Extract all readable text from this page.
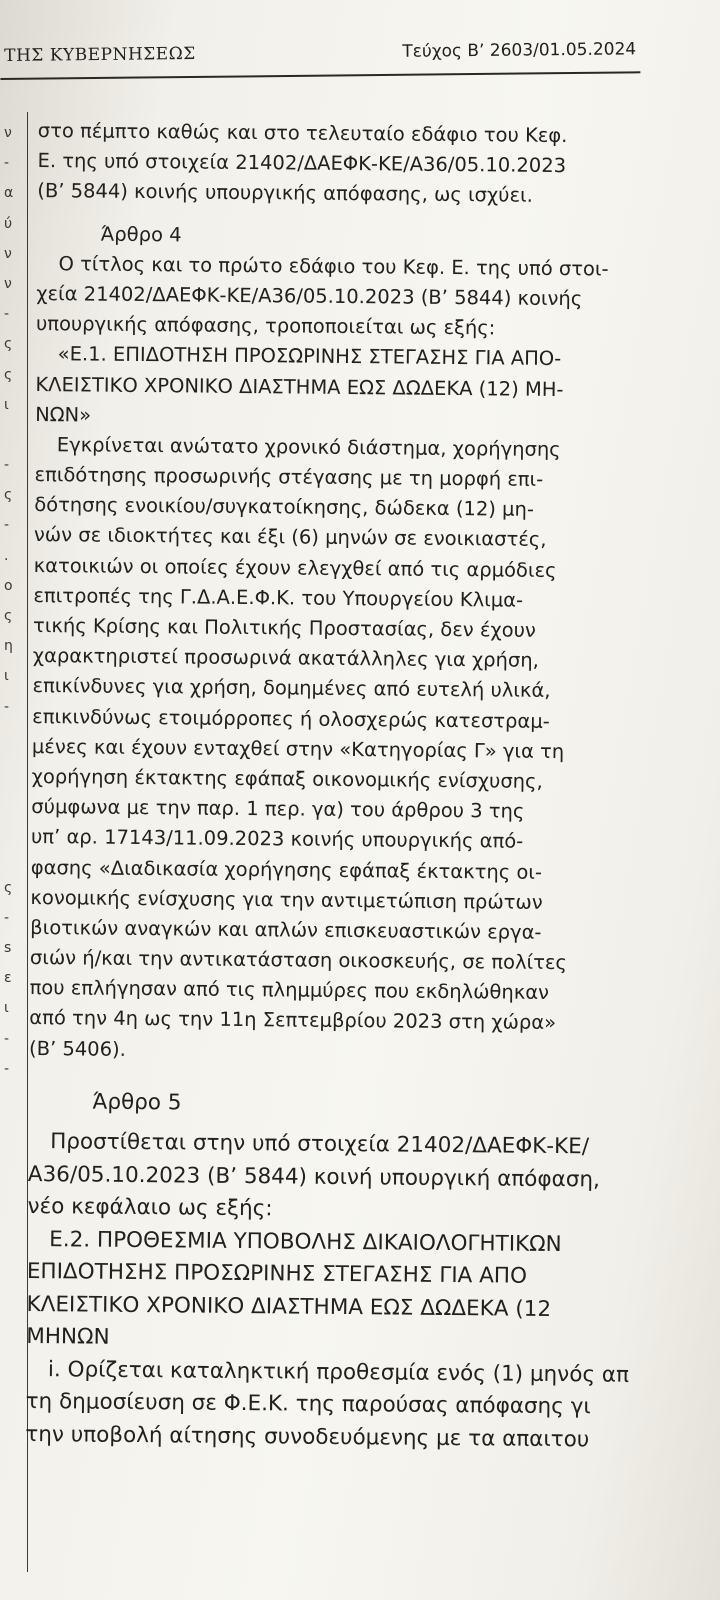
ΤΗΣ ΚΥΒΕΡΝΗΣΕΩΣ	Τεύχος Β’ 2603/01.05.2024
ν
-
α
ύ
ν
ν
-
ς
ς
ι
-
ς
-
.
ο
ς
η
ι
-
ς
-
s
ε
ι
-
-
στο πέμπτο καθώς και στο τελευταίο εδάφιο του Κεφ.
Ε. της υπό στοιχεία 21402/ΔΑΕΦΚ-ΚΕ/Α36/05.10.2023
(Β’ 5844) κοινής υπουργικής απόφασης, ως ισχύει.
Άρθρο 4
Ο τίτλος και το πρώτο εδάφιο του Κεφ. Ε. της υπό στοι-
χεία 21402/ΔΑΕΦΚ-ΚΕ/Α36/05.10.2023 (Β’ 5844) κοινής
υπουργικής απόφασης, τροποποιείται ως εξής:
«Ε.1. ΕΠΙΔΟΤΗΣΗ ΠΡΟΣΩΡΙΝΗΣ ΣΤΕΓΑΣΗΣ ΓΙΑ ΑΠΟ-
ΚΛΕΙΣΤΙΚΟ ΧΡΟΝΙΚΟ ΔΙΑΣΤΗΜΑ ΕΩΣ ΔΩΔΕΚΑ (12) ΜΗ-
ΝΩΝ»
Εγκρίνεται ανώτατο χρονικό διάστημα, χορήγησης
επιδότησης προσωρινής στέγασης με τη μορφή επι-
δότησης ενοικίου/συγκατοίκησης, δώδεκα (12) μη-
νών σε ιδιοκτήτες και έξι (6) μηνών σε ενοικιαστές,
κατοικιών οι οποίες έχουν ελεγχθεί από τις αρμόδιες
επιτροπές της Γ.Δ.Α.Ε.Φ.Κ. του Υπουργείου Κλιμα-
τικής Κρίσης και Πολιτικής Προστασίας, δεν έχουν
χαρακτηριστεί προσωρινά ακατάλληλες για χρήση,
επικίνδυνες για χρήση, δομημένες από ευτελή υλικά,
επικινδύνως ετοιμόρροπες ή ολοσχερώς κατεστραμ-
μένες και έχουν ενταχθεί στην «Κατηγορίας Γ» για τη
χορήγηση έκτακτης εφάπαξ οικονομικής ενίσχυσης,
σύμφωνα με την παρ. 1 περ. γα) του άρθρου 3 της
υπ’ αρ. 17143/11.09.2023 κοινής υπουργικής από-
φασης «Διαδικασία χορήγησης εφάπαξ έκτακτης οι-
κονομικής ενίσχυσης για την αντιμετώπιση πρώτων
βιοτικών αναγκών και απλών επισκευαστικών εργα-
σιών ή/και την αντικατάσταση οικοσκευής, σε πολίτες
που επλήγησαν από τις πλημμύρες που εκδηλώθηκαν
από την 4η ως την 11η Σεπτεμβρίου 2023 στη χώρα»
(Β’ 5406).
Άρθρο 5
Προστίθεται στην υπό στοιχεία 21402/ΔΑΕΦΚ-ΚΕ/
Α36/05.10.2023 (Β’ 5844) κοινή υπουργική απόφαση,
νέο κεφάλαιο ως εξής:
Ε.2. ΠΡΟΘΕΣΜΙΑ ΥΠΟΒΟΛΗΣ ΔΙΚΑΙΟΛΟΓΗΤΙΚΩΝ
ΕΠΙΔΟΤΗΣΗΣ ΠΡΟΣΩΡΙΝΗΣ ΣΤΕΓΑΣΗΣ ΓΙΑ ΑΠΟ
ΚΛΕΙΣΤΙΚΟ ΧΡΟΝΙΚΟ ΔΙΑΣΤΗΜΑ ΕΩΣ ΔΩΔΕΚΑ (12
ΜΗΝΩΝ
i. Ορίζεται καταληκτική προθεσμία ενός (1) μηνός απ
τη δημοσίευση σε Φ.Ε.Κ. της παρούσας απόφασης γι
την υποβολή αίτησης συνοδευόμενης με τα απαιτου
